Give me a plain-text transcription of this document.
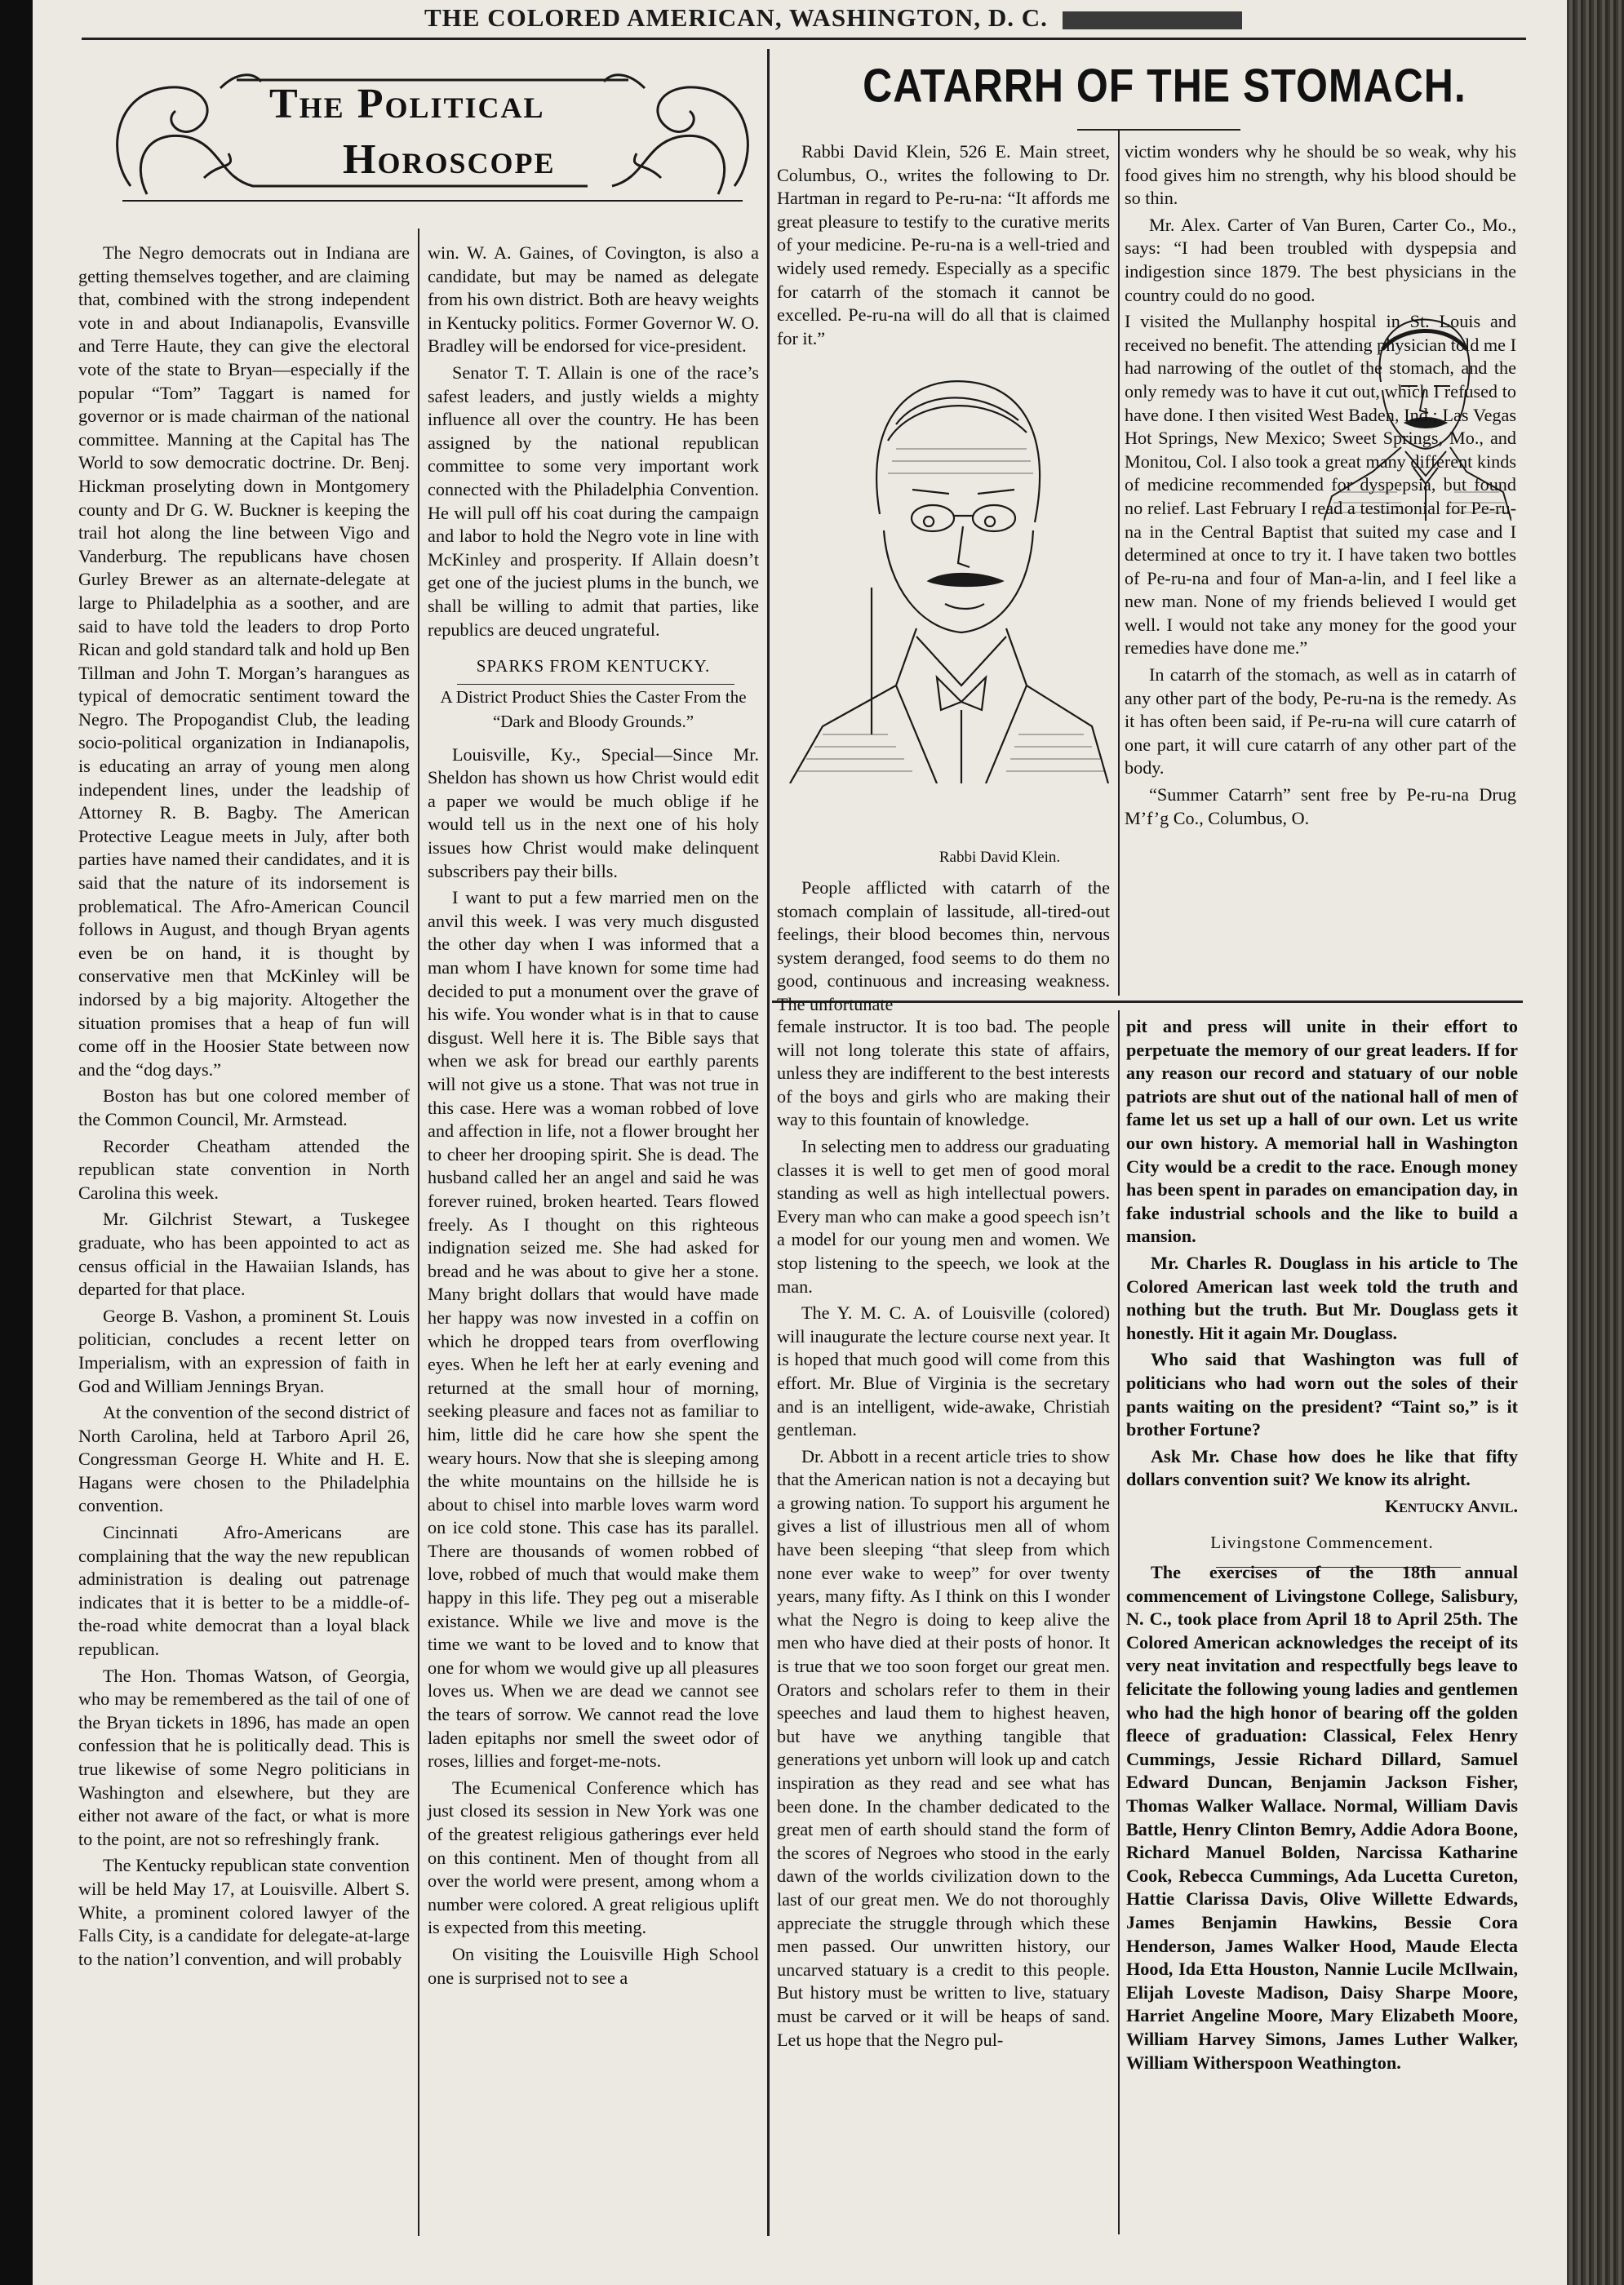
THE COLORED AMERICAN, WASHINGTON, D. C.
The Political
Horoscope

The Negro democrats out in Indiana are getting themselves together, and are claiming that, combined with the strong independent vote in and about Indianapolis, Evansville and Terre Haute, they can give the electoral vote of the state to Bryan—especially if the popular “Tom” Taggart is named for governor or is made chairman of the national committee. Manning at the Capital has The World to sow democratic doctrine. Dr. Benj. Hickman proselyting down in Montgomery county and Dr G. W. Buckner is keeping the trail hot along the line between Vigo and Vanderburg. The republicans have chosen Gurley Brewer as an alternate-delegate at large to Philadelphia as a soother, and are said to have told the leaders to drop Porto Rican and gold standard talk and hold up Ben Tillman and John T. Morgan’s harangues as typical of democratic sentiment toward the Negro. The Propogandist Club, the leading socio-political organization in Indianapolis, is educating an array of young men along independent lines, under the leadship of Attorney R. B. Bagby. The American Protective League meets in July, after both parties have named their candidates, and it is said that the nature of its indorsement is problematical. The Afro-American Council follows in August, and though Bryan agents even be on hand, it is thought by conservative men that McKinley will be indorsed by a big majority. Altogether the situation promises that a heap of fun will come off in the Hoosier State between now and the “dog days.”

Boston has but one colored member of the Common Council, Mr. Armstead.

Recorder Cheatham attended the republican state convention in North Carolina this week.

Mr. Gilchrist Stewart, a Tuskegee graduate, who has been appointed to act as census official in the Hawaiian Islands, has departed for that place.

George B. Vashon, a prominent St. Louis politician, concludes a recent letter on Imperialism, with an expression of faith in God and William Jennings Bryan.

At the convention of the second district of North Carolina, held at Tarboro April 26, Congressman George H. White and H. E. Hagans were chosen to the Philadelphia convention.

Cincinnati Afro-Americans are complaining that the way the new republican administration is dealing out patrenage indicates that it is better to be a middle-of-the-road white democrat than a loyal black republican.

The Hon. Thomas Watson, of Georgia, who may be remembered as the tail of one of the Bryan tickets in 1896, has made an open confession that he is politically dead. This is true likewise of some Negro politicians in Washington and elsewhere, but they are either not aware of the fact, or what is more to the point, are not so refreshingly frank.

The Kentucky republican state convention will be held May 17, at Louisville. Albert S. White, a prominent colored lawyer of the Falls City, is a candidate for delegate-at-large to the nation’l convention, and will probably

win. W. A. Gaines, of Covington, is also a candidate, but may be named as delegate from his own district. Both are heavy weights in Kentucky politics. Former Governor W. O. Bradley will be endorsed for vice-president.

Senator T. T. Allain is one of the race’s safest leaders, and justly wields a mighty influence all over the country. He has been assigned by the national republican committee to some very important work connected with the Philadelphia Convention. He will pull off his coat during the campaign and labor to hold the Negro vote in line with McKinley and prosperity. If Allain doesn’t get one of the juciest plums in the bunch, we shall be willing to admit that parties, like republics are deuced ungrateful.

SPARKS FROM KENTUCKY.

A District Product Shies the Caster From the “Dark and Bloody Grounds.”

Louisville, Ky., Special—Since Mr. Sheldon has shown us how Christ would edit a paper we would be much oblige if he would tell us in the next one of his holy issues how Christ would make delinquent subscribers pay their bills.

I want to put a few married men on the anvil this week. I was very much disgusted the other day when I was informed that a man whom I have known for some time had decided to put a monument over the grave of his wife. You wonder what is in that to cause disgust. Well here it is. The Bible says that when we ask for bread our earthly parents will not give us a stone. That was not true in this case. Here was a woman robbed of love and affection in life, not a flower brought her to cheer her drooping spirit. She is dead. The husband called her an angel and said he was forever ruined, broken hearted. Tears flowed freely. As I thought on this righteous indignation seized me. She had asked for bread and he was about to give her a stone. Many bright dollars that would have made her happy was now invested in a coffin on which he dropped tears from overflowing eyes. When he left her at early evening and returned at the small hour of morning, seeking pleasure and faces not as familiar to him, little did he care how she spent the weary hours. Now that she is sleeping among the white mountains on the hillside he is about to chisel into marble loves warm word on ice cold stone. This case has its parallel. There are thousands of women robbed of love, robbed of much that would make them happy in this life. They peg out a miserable existance. While we live and move is the time we want to be loved and to know that one for whom we would give up all pleasures loves us. When we are dead we cannot see the tears of sorrow. We cannot read the love laden epitaphs nor smell the sweet odor of roses, lillies and forget-me-nots.

The Ecumenical Conference which has just closed its session in New York was one of the greatest religious gatherings ever held on this continent. Men of thought from all over the world were present, among whom a number were colored. A great religious uplift is expected from this meeting.

On visiting the Louisville High School one is surprised not to see a

CATARRH OF THE STOMACH.

Rabbi David Klein, 526 E. Main street, Columbus, O., writes the following to Dr. Hartman in regard to Pe-ru-na: “It affords me great pleasure to testify to the curative merits of your medicine. Pe-ru-na is a well-tried and widely used remedy. Especially as a specific for catarrh of the stomach it cannot be excelled. Pe-ru-na will do all that is claimed for it.”

Rabbi David Klein.

People afflicted with catarrh of the stomach complain of lassitude, all-tired-out feelings, their blood becomes thin, nervous system deranged, food seems to do them no good, continuous and increasing weakness. The unfortunate

victim wonders why he should be so weak, why his food gives him no strength, why his blood should be so thin.

Mr. Alex. Carter of Van Buren, Carter Co., Mo., says: “I had been troubled with dyspepsia and indigestion since 1879. The best physicians in the country could do no good.

I visited the Mullanphy hospital in St. Louis and received no benefit. The attending physician told me I had narrowing of the outlet of the stomach, and the only remedy was to have it cut out, which I refused to have done. I then visited West Baden, Ind.; Las Vegas Hot Springs, New Mexico; Sweet Springs, Mo., and Monitou, Col. I also took a great many different kinds of medicine recommended for dyspepsia, but found no relief. Last February I read a testimonial for Pe-ru-na in the Central Baptist that suited my case and I determined at once to try it. I have taken two bottles of Pe-ru-na and four of Man-a-lin, and I feel like a new man. None of my friends believed I would get well. I would not take any money for the good your remedies have done me.”

In catarrh of the stomach, as well as in catarrh of any other part of the body, Pe-ru-na is the remedy. As it has often been said, if Pe-ru-na will cure catarrh of one part, it will cure catarrh of any other part of the body.

“Summer Catarrh” sent free by Pe-ru-na Drug M’f’g Co., Columbus, O.

female instructor. It is too bad. The people will not long tolerate this state of affairs, unless they are indifferent to the best interests of the boys and girls who are making their way to this fountain of knowledge.

In selecting men to address our graduating classes it is well to get men of good moral standing as well as high intellectual powers. Every man who can make a good speech isn’t a model for our young men and women. We stop listening to the speech, we look at the man.

The Y. M. C. A. of Louisville (colored) will inaugurate the lecture course next year. It is hoped that much good will come from this effort. Mr. Blue of Virginia is the secretary and is an intelligent, wide-awake, Christiah gentleman.

Dr. Abbott in a recent article tries to show that the American nation is not a decaying but a growing nation. To support his argument he gives a list of illustrious men all of whom have been sleeping “that sleep from which none ever wake to weep” for over twenty years, many fifty. As I think on this I wonder what the Negro is doing to keep alive the men who have died at their posts of honor. It is true that we too soon forget our great men. Orators and scholars refer to them in their speeches and laud them to highest heaven, but have we anything tangible that generations yet unborn will look up and catch inspiration as they read and see what has been done. In the chamber dedicated to the great men of earth should stand the form of the scores of Negroes who stood in the early dawn of the worlds civilization down to the last of our great men. We do not thoroughly appreciate the struggle through which these men passed. Our unwritten history, our uncarved statuary is a credit to this people. But history must be written to live, statuary must be carved or it will be heaps of sand. Let us hope that the Negro pul-

pit and press will unite in their effort to perpetuate the memory of our great leaders. If for any reason our record and statuary of our noble patriots are shut out of the national hall of men of fame let us set up a hall of our own. Let us write our own history. A memorial hall in Washington City would be a credit to the race. Enough money has been spent in parades on emancipation day, in fake industrial schools and the like to build a mansion.

Mr. Charles R. Douglass in his article to The Colored American last week told the truth and nothing but the truth. But Mr. Douglass gets it honestly. Hit it again Mr. Douglass.

Who said that Washington was full of politicians who had worn out the soles of their pants waiting on the president? “Taint so,” is it brother Fortune?

Ask Mr. Chase how does he like that fifty dollars convention suit? We know its alright.

Kentucky Anvil.

Livingstone Commencement.

The exercises of the 18th annual commencement of Livingstone College, Salisbury, N. C., took place from April 18 to April 25th. The Colored American acknowledges the receipt of its very neat invitation and respectfully begs leave to felicitate the following young ladies and gentlemen who had the high honor of bearing off the golden fleece of graduation: Classical, Felex Henry Cummings, Jessie Richard Dillard, Samuel Edward Duncan, Benjamin Jackson Fisher, Thomas Walker Wallace. Normal, William Davis Battle, Henry Clinton Bemry, Addie Adora Boone, Richard Manuel Bolden, Narcissa Katharine Cook, Rebecca Cummings, Ada Lucetta Cureton, Hattie Clarissa Davis, Olive Willette Edwards, James Benjamin Hawkins, Bessie Cora Henderson, James Walker Hood, Maude Electa Hood, Ida Etta Houston, Nannie Lucile McIlwain, Elijah Loveste Madison, Daisy Sharpe Moore, Harriet Angeline Moore, Mary Elizabeth Moore, William Harvey Simons, James Luther Walker, William Witherspoon Weathington.
